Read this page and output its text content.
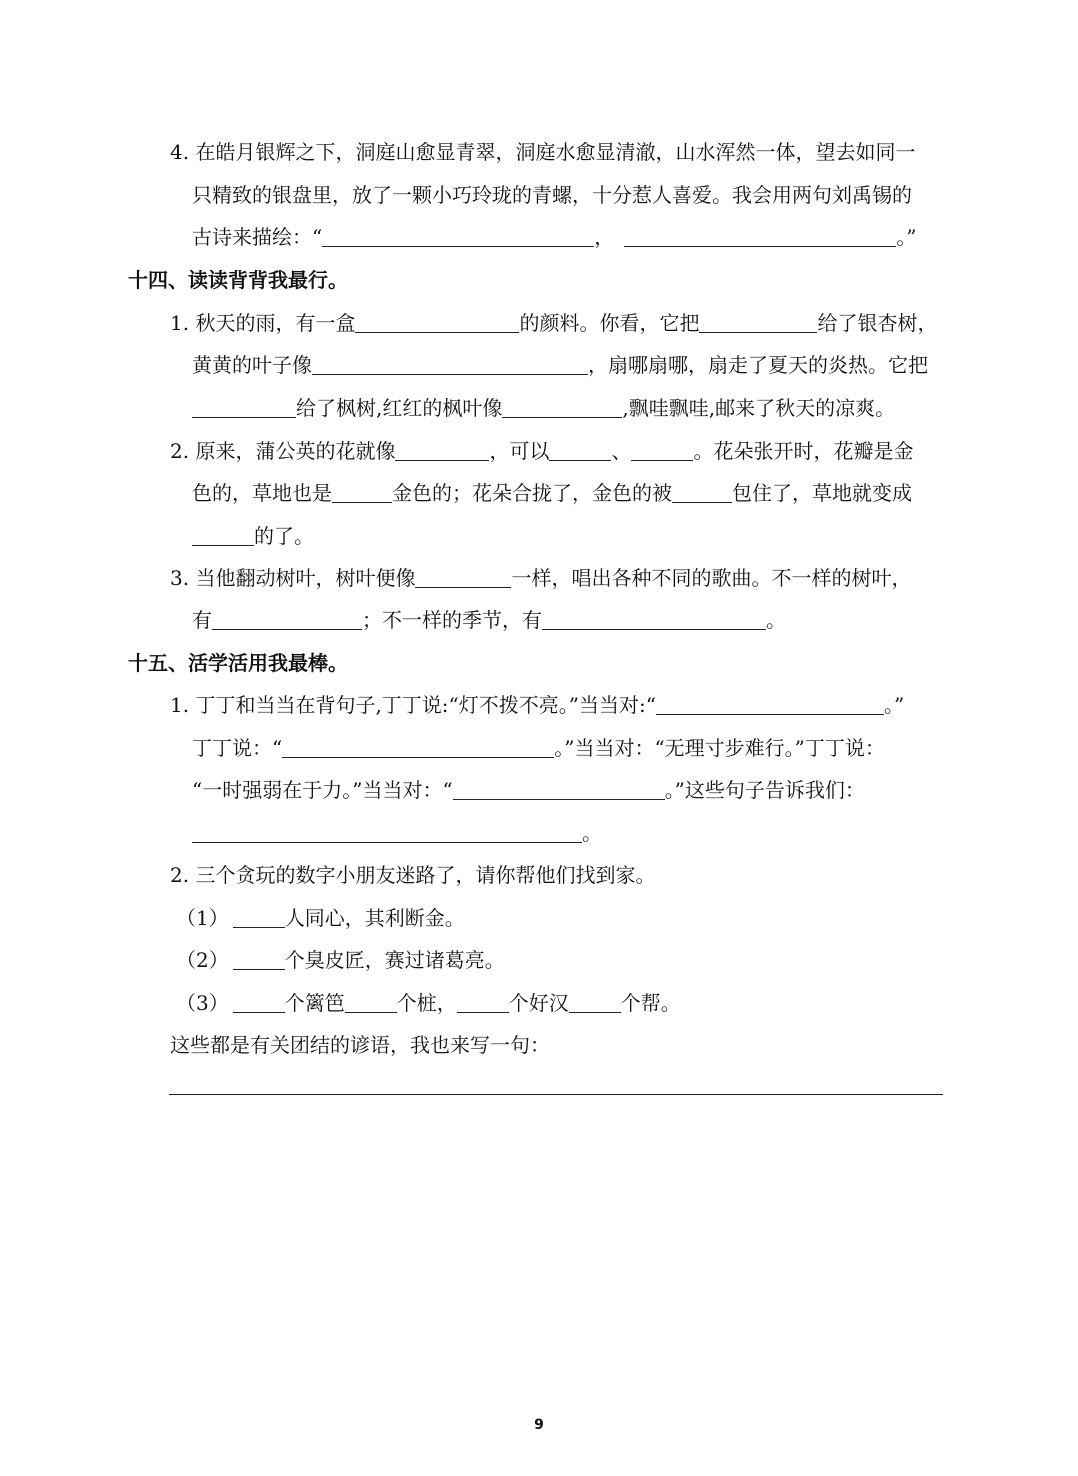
4. 在皓月银辉之下，洞庭山愈显青翠，洞庭水愈显清澈，山水浑然一体，望去如同一
只精致的银盘里，放了一颗小巧玲珑的青螺，十分惹人喜爱。我会用两句刘禹锡的
古诗来描绘：“	，	。”
十四、读读背背我最行。
1. 秋天的雨，有一盒	的颜料。你看，它把	给了银杏树，
黄黄的叶子像	，扇哪扇哪，扇走了夏天的炎热。它把
给了枫树,红红的枫叶像	,飘哇飘哇,邮来了秋天的凉爽。
2. 原来，蒲公英的花就像	，可以	、	。花朵张开时，花瓣是金
色的，草地也是	金色的；花朵合拢了，金色的被	包住了，草地就变成
的了。
3. 当他翻动树叶，树叶便像	一样，唱出各种不同的歌曲。不一样的树叶，
有	；不一样的季节，有	。
十五、活学活用我最棒。
1. 丁丁和当当在背句子,丁丁说:“灯不拨不亮。”当当对:“	。”
丁丁说：“	。”当当对：“无理寸步难行。”丁丁说：
“一时强弱在于力。”当当对：“	。”这些句子告诉我们：
。
2. 三个贪玩的数字小朋友迷路了，请你帮他们找到家。
（1）	人同心，其利断金。
（2）	个臭皮匠，赛过诸葛亮。
（3）	个篱笆	个桩，	个好汉	个帮。
这些都是有关团结的谚语，我也来写一句：
9
